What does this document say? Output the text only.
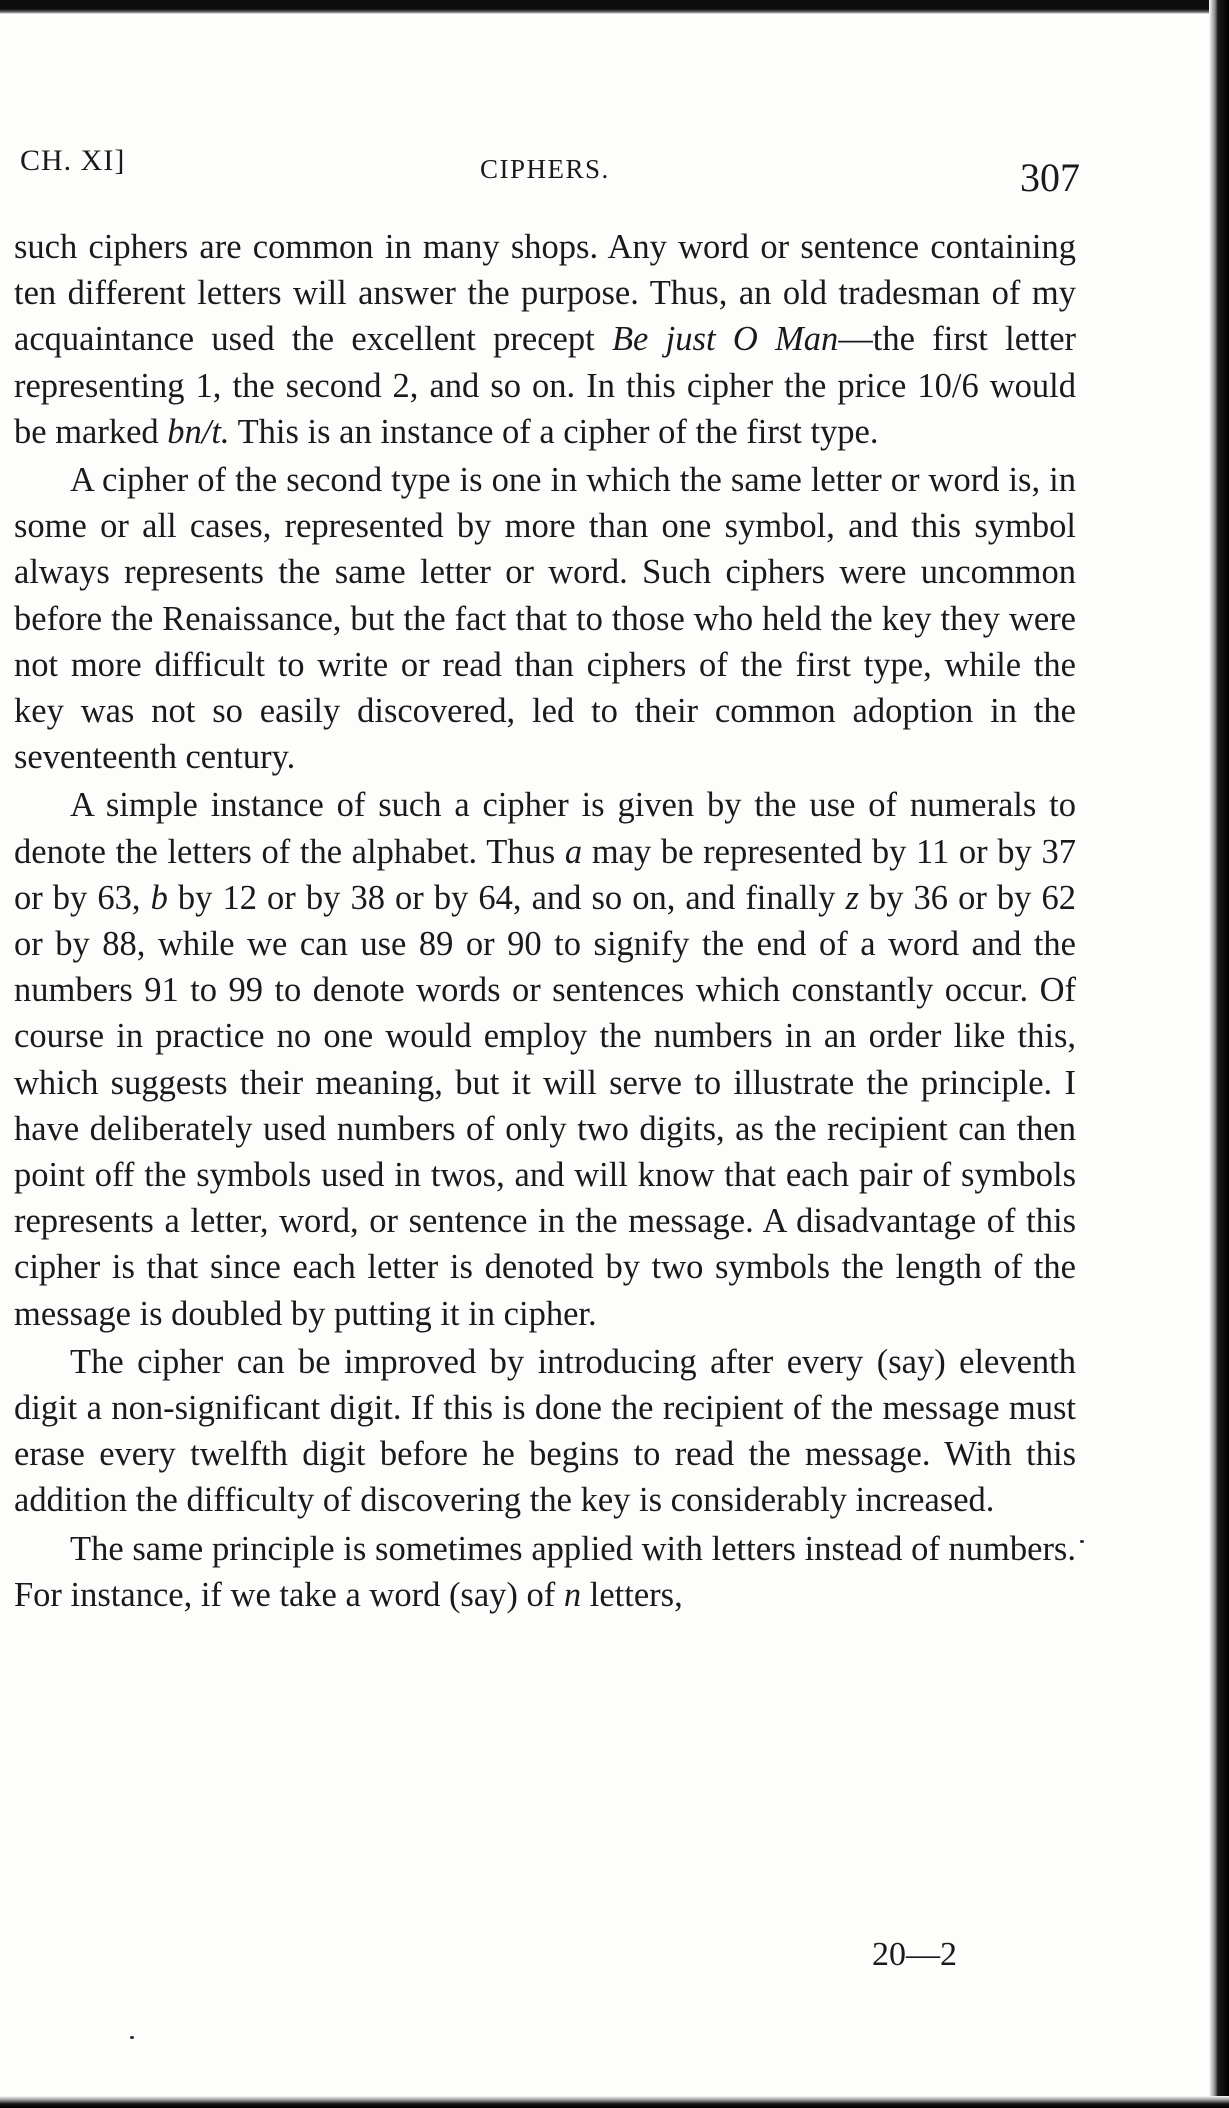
CH. XI]	CIPHERS.	307

such ciphers are common in many shops. Any word or sentence containing ten different letters will answer the purpose. Thus, an old tradesman of my acquaintance used the excellent precept Be just O Man—the first letter representing 1, the second 2, and so on. In this cipher the price 10/6 would be marked bn/t. This is an instance of a cipher of the first type.

A cipher of the second type is one in which the same letter or word is, in some or all cases, represented by more than one symbol, and this symbol always represents the same letter or word. Such ciphers were uncommon before the Renaissance, but the fact that to those who held the key they were not more difficult to write or read than ciphers of the first type, while the key was not so easily discovered, led to their common adoption in the seventeenth century.

A simple instance of such a cipher is given by the use of numerals to denote the letters of the alphabet. Thus a may be represented by 11 or by 37 or by 63, b by 12 or by 38 or by 64, and so on, and finally z by 36 or by 62 or by 88, while we can use 89 or 90 to signify the end of a word and the numbers 91 to 99 to denote words or sentences which constantly occur. Of course in practice no one would employ the numbers in an order like this, which suggests their meaning, but it will serve to illustrate the principle. I have deliberately used numbers of only two digits, as the recipient can then point off the symbols used in twos, and will know that each pair of symbols represents a letter, word, or sentence in the message. A disadvantage of this cipher is that since each letter is denoted by two symbols the length of the message is doubled by putting it in cipher.

The cipher can be improved by introducing after every (say) eleventh digit a non-significant digit. If this is done the recipient of the message must erase every twelfth digit before he begins to read the message. With this addition the difficulty of discovering the key is considerably increased.

The same principle is sometimes applied with letters instead of numbers. For instance, if we take a word (say) of n letters,

20—2
